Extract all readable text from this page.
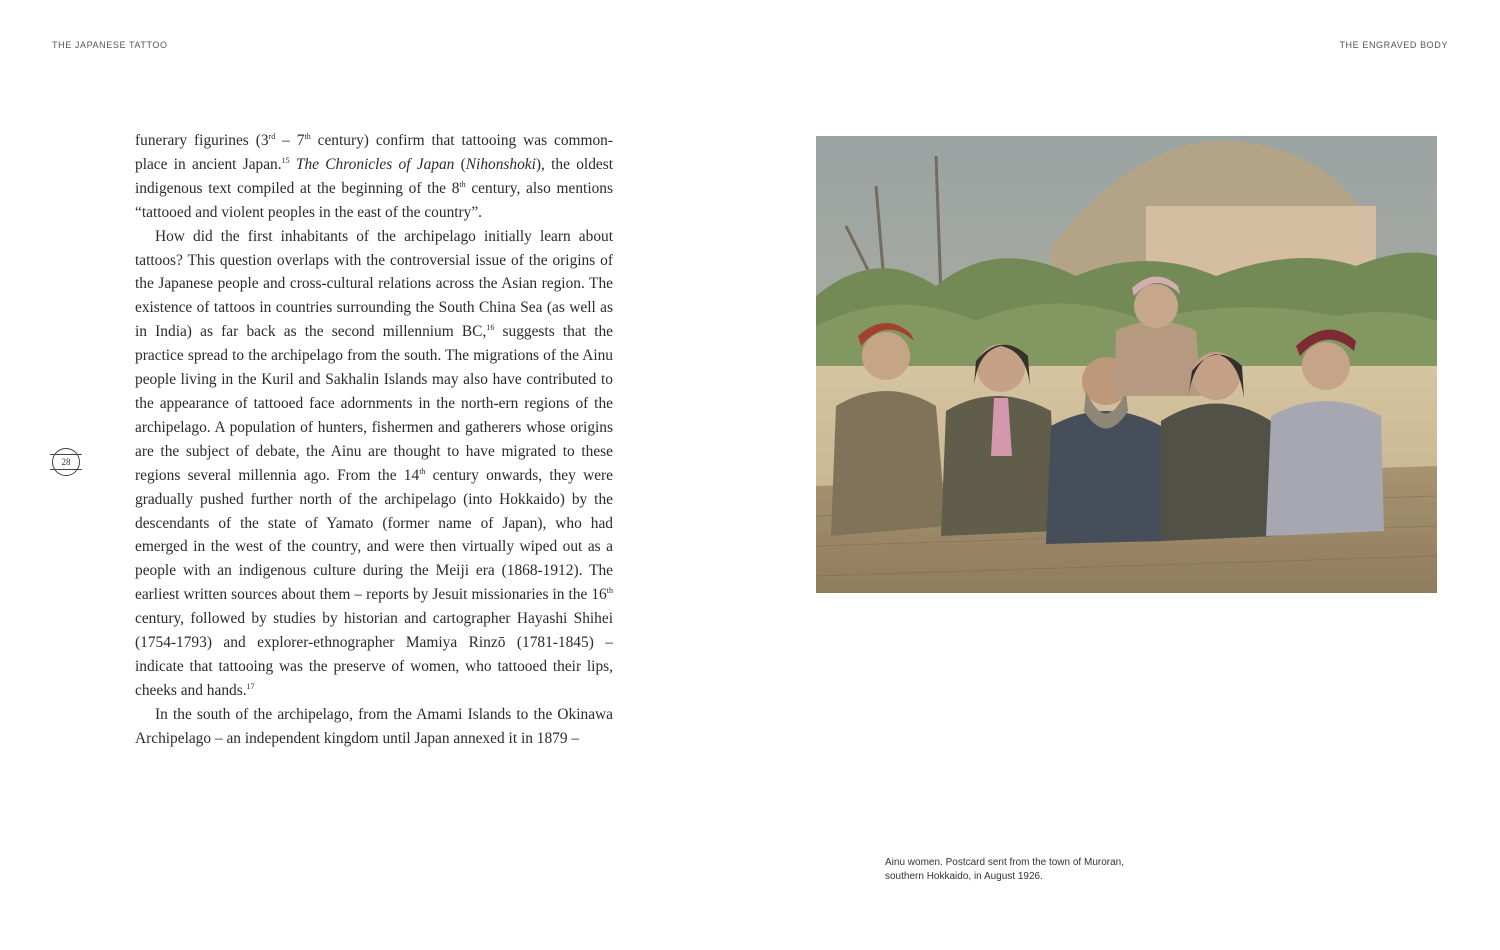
THE JAPANESE TATTOO	THE ENGRAVED BODY

funerary figurines (3rd – 7th century) confirm that tattooing was common-place in ancient Japan.$^{15}$ The Chronicles of Japan (Nihonshoki), the oldest indigenous text compiled at the beginning of the 8th century, also mentions “tattooed and violent peoples in the east of the country”.

How did the first inhabitants of the archipelago initially learn about tattoos? This question overlaps with the controversial issue of the origins of the Japanese people and cross-cultural relations across the Asian region. The existence of tattoos in countries surrounding the South China Sea (as well as in India) as far back as the second millennium BC,$^{16}$ suggests that the practice spread to the archipelago from the south. The migrations of the Ainu people living in the Kuril and Sakhalin Islands may also have contributed to the appearance of tattooed face adornments in the north-ern regions of the archipelago. A population of hunters, fishermen and gatherers whose origins are the subject of debate, the Ainu are thought to have migrated to these regions several millennia ago. From the 14th century onwards, they were gradually pushed further north of the archipelago (into Hokkaido) by the descendants of the state of Yamato (former name of Japan), who had emerged in the west of the country, and were then virtually wiped out as a people with an indigenous culture during the Meiji era (1868-1912). The earliest written sources about them – reports by Jesuit missionaries in the 16th century, followed by studies by historian and cartographer Hayashi Shihei (1754-1793) and explorer-ethnographer Mamiya Rinzō (1781-1845) – indicate that tattooing was the preserve of women, who tattooed their lips, cheeks and hands.$^{17}$

In the south of the archipelago, from the Amami Islands to the Okinawa Archipelago – an independent kingdom until Japan annexed it in 1879 –

28
Ainu women. Postcard sent from the town of Muroran, southern Hokkaido, in August 1926.
